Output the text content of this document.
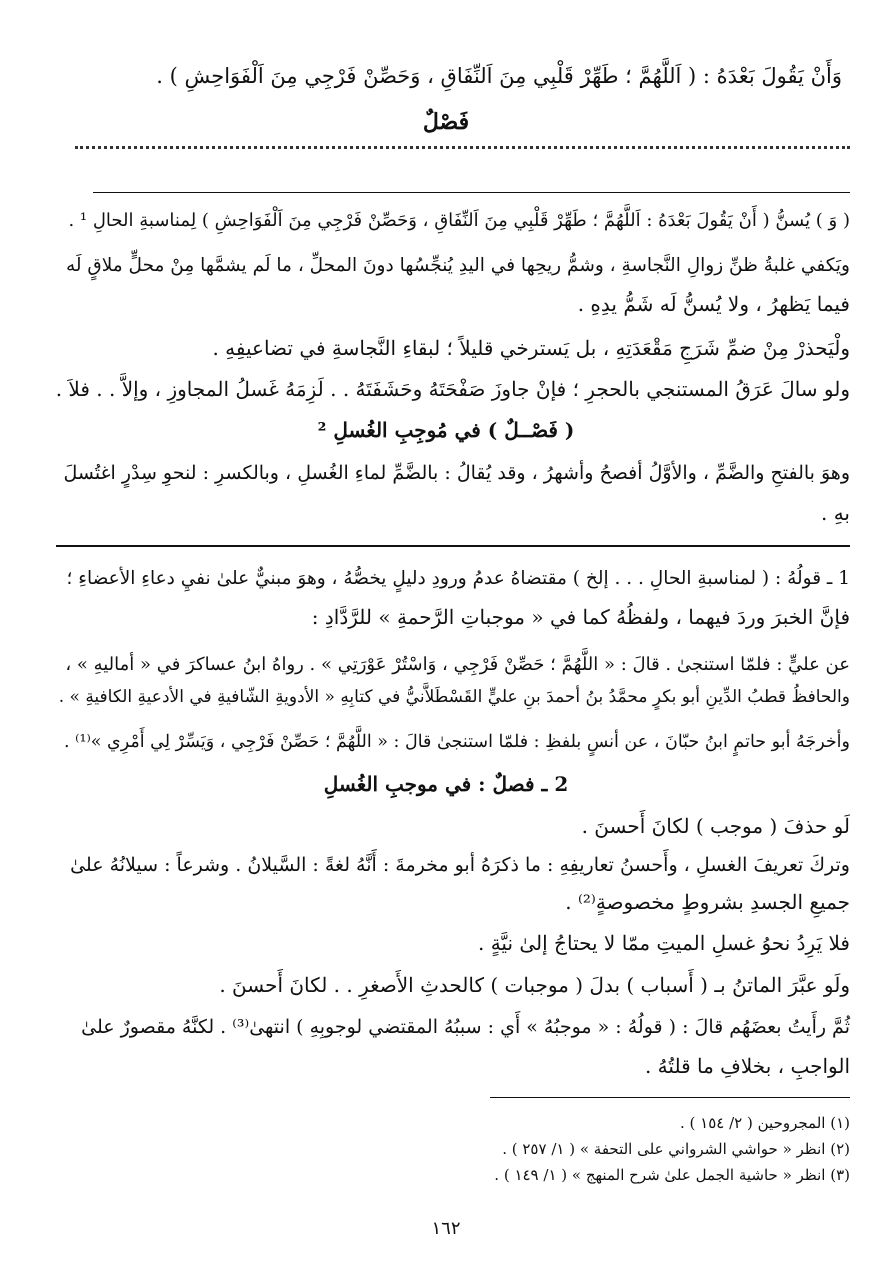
وَأَنْ يَقُولَ بَعْدَهُ : ( اَللَّهُمَّ ؛ طَهِّرْ قَلْبِي مِنَ اَلنِّفَاقِ ، وَحَصِّنْ فَرْجِي مِنَ اَلْفَوَاحِشِ ) .
فَصْلٌ
( وَ ) يُسنُّ ( أَنْ يَقُولَ بَعْدَهُ : اَللَّهُمَّ ؛ طَهِّرْ قَلْبِي مِنَ اَلنِّفَاقِ ، وَحَصِّنْ فَرْجِي مِنَ اَلْفَوَاحِشِ ) لِمناسبةِ الحالِ ¹ .
ويَكفي غلبةُ ظنِّ زوالِ النَّجاسةِ ، وشمُّ ريحِها في اليدِ يُنجِّسُها دونَ المحلِّ ، ما لَم يشمَّها مِنْ محلٍّ ملاقٍ لَه
فيما يَظهرُ ، ولا يُسنُّ لَه شَمُّ يدِهِ .
ولْيَحذرْ مِنْ ضمِّ شَرَجِ مَقْعَدَتِهِ ، بل يَسترخي قليلاً ؛ لبقاءِ النَّجاسةِ في تضاعيفِهِ .
ولو سالَ عَرَقُ المستنجي بالحجرِ ؛ فإنْ جاوزَ صَفْحَتَهُ وحَشَفَتَهُ . . لَزِمَهُ غَسلُ المجاوزِ ، وإلاَّ . . فلاَ .
( فَصْــلٌ ) في مُوجِبِ الغُسلِ ²
وهوَ بالفتحِ والضَّمِّ ، والأوَّلُ أفصحُ وأشهرُ ، وقد يُقالُ : بالضَّمِّ لماءِ الغُسلِ ، وبالكسرِ : لنحوِ سِدْرٍ اغتُسلَ
بهِ .
1 ـ قولُهُ : ( لمناسبةِ الحالِ . . . إلخ ) مقتضاهُ عدمُ ورودِ دليلٍ يخصُّهُ ، وهوَ مبنيٌّ علىٰ نفيِ دعاءِ الأعضاءِ ؛
فإنَّ الخبرَ وردَ فيهما ، ولفظُهُ كما في « موجباتِ الرَّحمةِ » للرَّدَّادِ :
عن عليٍّ : فلمّا استنجىٰ . قالَ : « اللَّهُمَّ ؛ حَصِّنْ فَرْجِي ، وَاسْتُرْ عَوْرَتِي » . رواهُ ابنُ عساكرَ في « أماليهِ » ،
والحافظُ قطبُ الدِّينِ أبو بكرٍ محمَّدُ بنُ أحمدَ بنِ عليٍّ القَسْطَلاَّنيُّ في كتابِهِ « الأدويةِ الشّافيةِ في الأدعيةِ الكافيةِ » .
وأخرجَهُ أبو حاتمٍ ابنُ حبّانَ ، عن أنسٍ بلفظِ : فلمّا استنجىٰ قالَ : « اللَّهُمَّ ؛ حَصِّنْ فَرْجِي ، وَيَسِّرْ لِي أَمْرِي »⁽¹⁾ .
2 ـ فصلٌ : في موجبِ الغُسلِ
لَو حذفَ ( موجب ) لكانَ أَحسنَ .
وتركَ تعريفَ الغسلِ ، وأَحسنُ تعاريفِهِ : ما ذكرَهُ أبو مخرمةَ : أَنَّهُ لغةً : السَّيلانُ . وشرعاً : سيلانُهُ علىٰ
جميعِ الجسدِ بشروطٍ مخصوصةٍ⁽²⁾ .
فلا يَرِدُ نحوُ غسلِ الميتِ ممّا لا يحتاجُ إلىٰ نيَّةٍ .
ولَو عبَّرَ الماتنُ بـ ( أَسباب ) بدلَ ( موجبات ) كالحدثِ الأَصغرِ . . لكانَ أَحسنَ .
ثُمَّ رأَيتُ بعضَهُم قالَ : ( قولُهُ : « موجبُهُ » أَي : سببُهُ المقتضي لوجوبِهِ ) انتهىٰ⁽³⁾ . لكنَّهُ مقصورٌ علىٰ
الواجبِ ، بخلافِ ما قلتُهُ .
(١) المجروحين ( ٢/ ١٥٤ ) .
(٢) انظر « حواشي الشرواني على التحفة » ( ١/ ٢٥٧ ) .
(٣) انظر « حاشية الجمل علىٰ شرح المنهج » ( ١/ ١٤٩ ) .
١٦٢
